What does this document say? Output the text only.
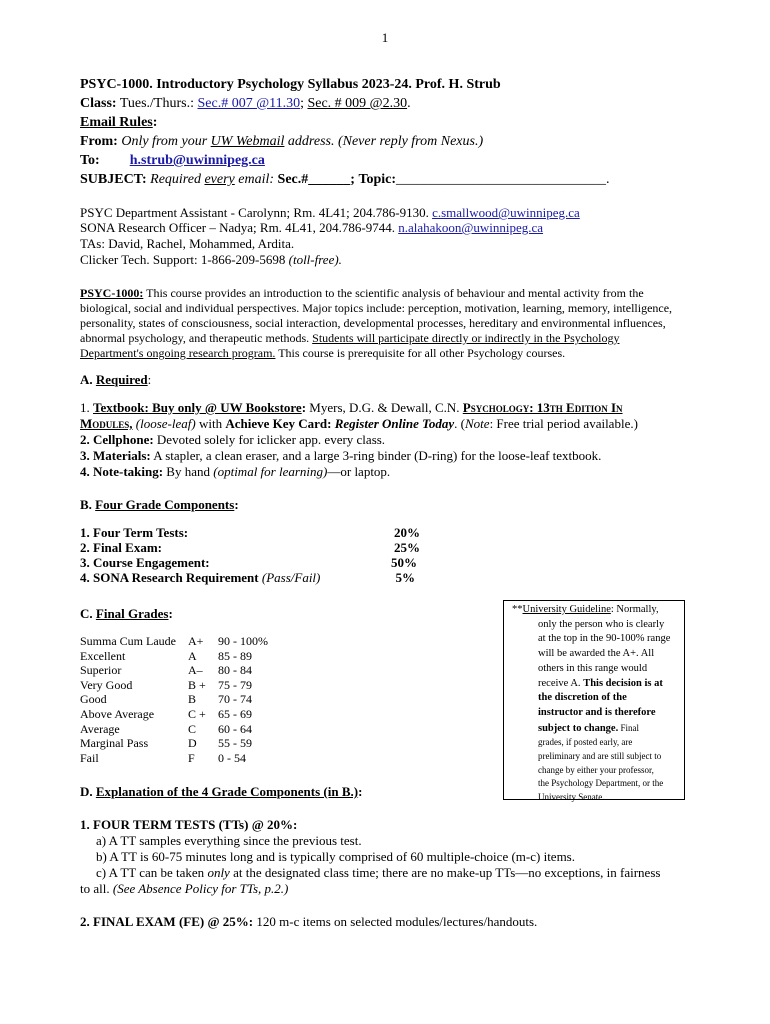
1
PSYC-1000. Introductory Psychology Syllabus 2023-24. Prof. H. Strub
Class: Tues./Thurs.: Sec.# 007 @11.30; Sec. # 009 @2.30.
Email Rules:
From: Only from your UW Webmail address. (Never reply from Nexus.)
To: h.strub@uwinnipeg.ca
SUBJECT: Required every email: Sec.#______; Topic:______________________________.
PSYC Department Assistant - Carolynn; Rm. 4L41; 204.786-9130. c.smallwood@uwinnipeg.ca
SONA Research Officer – Nadya; Rm. 4L41, 204.786-9744. n.alahakoon@uwinnipeg.ca
TAs: David, Rachel, Mohammed, Ardita.
Clicker Tech. Support: 1-866-209-5698 (toll-free).
PSYC-1000: This course provides an introduction to the scientific analysis of behaviour and mental activity from the
biological, social and individual perspectives. Major topics include: perception, motivation, learning, memory, intelligence,
personality, states of consciousness, social interaction, developmental processes, hereditary and environmental influences,
abnormal psychology, and therapeutic methods. Students will participate directly or indirectly in the Psychology
Department's ongoing research program. This course is prerequisite for all other Psychology courses.
A. Required:
1. Textbook: Buy only @ UW Bookstore: Myers, D.G. & Dewall, C.N. Psychology: 13th Edition In
Modules, (loose-leaf) with Achieve Key Card: Register Online Today. (Note: Free trial period available.)
2. Cellphone: Devoted solely for iclicker app. every class.
3. Materials: A stapler, a clean eraser, and a large 3-ring binder (D-ring) for the loose-leaf textbook.
4. Note-taking: By hand (optimal for learning)—or laptop.
B. Four Grade Components:
1. Four Term Tests:	20%
2. Final Exam:	25%
3. Course Engagement:	50%
4. SONA Research Requirement (Pass/Fail)	5%
C. Final Grades:
Summa Cum Laude A+ 90 - 100%
Excellent	A 85 - 89
Superior	A– 80 - 84
Very Good	B + 75 - 79
Good	B 70 - 74
Above Average	C + 65 - 69
Average	C 60 - 64
Marginal Pass	D 55 - 59
Fail	F 0 - 54
**University Guideline: Normally,
only the person who is clearly
at the top in the 90-100% range
will be awarded the A+. All
others in this range would
receive A. This decision is at
the discretion of the
instructor and is therefore
subject to change. Final
grades, if posted early, are
preliminary and are still subject to
change by either your professor,
the Psychology Department, or the
University Senate.
D. Explanation of the 4 Grade Components (in B.):
1. FOUR TERM TESTS (TTs) @ 20%:
a) A TT samples everything since the previous test.
b) A TT is 60-75 minutes long and is typically comprised of 60 multiple-choice (m-c) items.
c) A TT can be taken only at the designated class time; there are no make-up TTs—no exceptions, in fairness
to all. (See Absence Policy for TTs, p.2.)
2. FINAL EXAM (FE) @ 25%: 120 m-c items on selected modules/lectures/handouts.
